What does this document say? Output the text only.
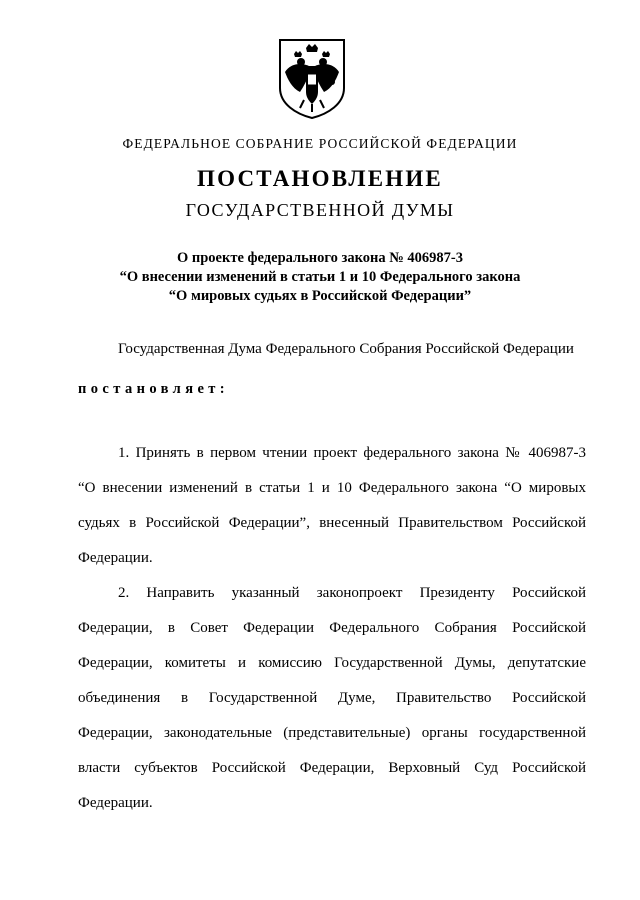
ФЕДЕРАЛЬНОЕ СОБРАНИЕ РОССИЙСКОЙ ФЕДЕРАЦИИ
ПОСТАНОВЛЕНИЕ
ГОСУДАРСТВЕННОЙ ДУМЫ
О проекте федерального закона № 406987-3
“О внесении изменений в статьи 1 и 10 Федерального закона
“О мировых судьях в Российской Федерации”
Государственная Дума Федерального Собрания Российской Федерации
постановляет:
1. Принять в первом чтении проект федерального закона № 406987-3
“О внесении изменений в статьи 1 и 10 Федерального закона “О мировых
судьях в Российской Федерации”, внесенный Правительством Российской
Федерации.
2. Направить указанный законопроект Президенту Российской
Федерации, в Совет Федерации Федерального Собрания Российской
Федерации, комитеты и комиссию Государственной Думы, депутатские
объединения в Государственной Думе, Правительство Российской
Федерации, законодательные (представительные) органы государственной
власти субъектов Российской Федерации, Верховный Суд Российской
Федерации.
